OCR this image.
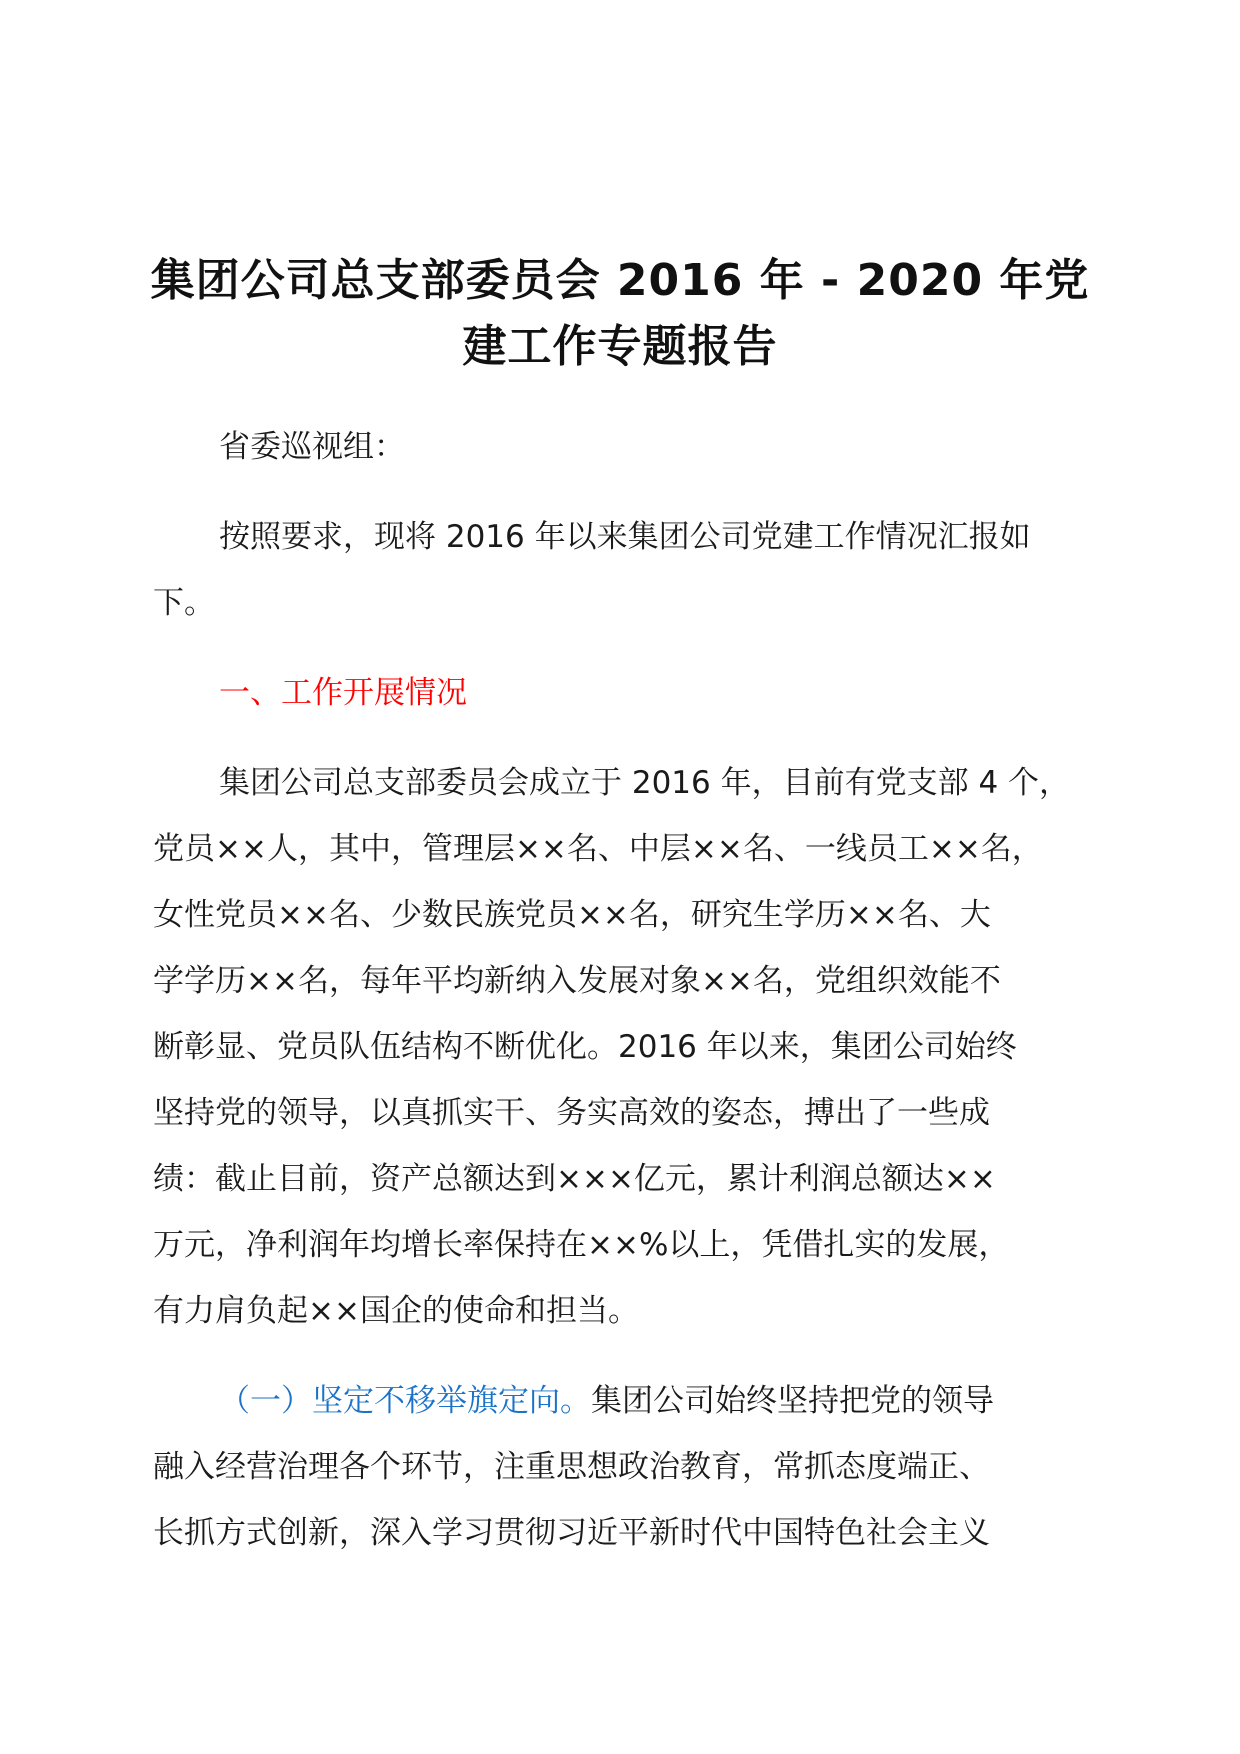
集团公司总支部委员会 2016 年 - 2020 年党
建工作专题报告

省委巡视组：

按照要求，现将 2016 年以来集团公司党建工作情况汇报如
下。

一、工作开展情况

集团公司总支部委员会成立于 2016 年，目前有党支部 4 个，
党员××人，其中，管理层××名、中层××名、一线员工××名，
女性党员××名、少数民族党员××名，研究生学历××名、大
学学历××名，每年平均新纳入发展对象××名，党组织效能不
断彰显、党员队伍结构不断优化。2016 年以来，集团公司始终
坚持党的领导，以真抓实干、务实高效的姿态，搏出了一些成
绩：截止目前，资产总额达到×××亿元，累计利润总额达××
万元，净利润年均增长率保持在××%以上，凭借扎实的发展，
有力肩负起××国企的使命和担当。

（一）坚定不移举旗定向。集团公司始终坚持把党的领导
融入经营治理各个环节，注重思想政治教育，常抓态度端正、
长抓方式创新，深入学习贯彻习近平新时代中国特色社会主义
